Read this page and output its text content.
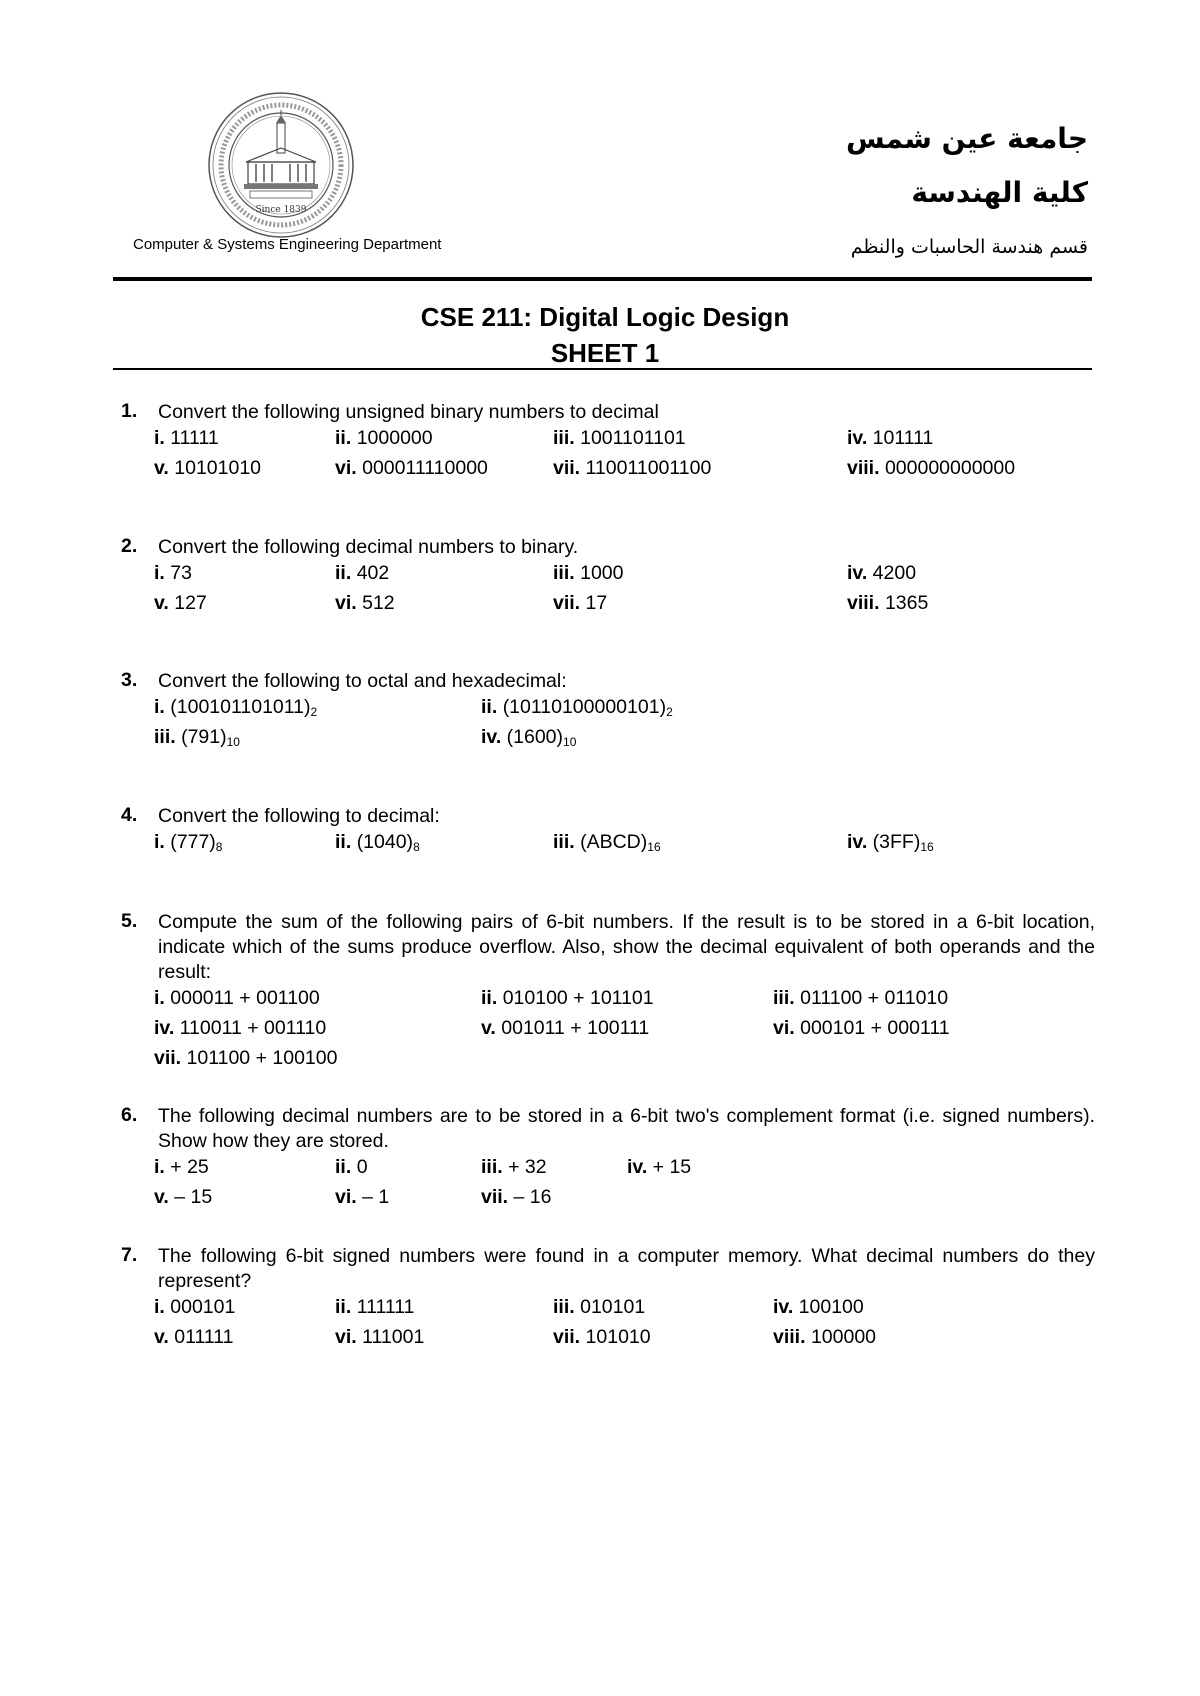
Since 1839
Computer & Systems Engineering Department
جامعة عين شمس
كلية الهندسة
قسم هندسة الحاسبات والنظم
CSE 211: Digital Logic Design
SHEET 1
1. Convert the following unsigned binary numbers to decimal
i. 11111	ii. 1000000	iii. 1001101101	iv. 101111
v. 10101010	vi. 000011110000	vii. 110011001100	viii. 000000000000
2. Convert the following decimal numbers to binary.
i. 73	ii. 402	iii. 1000	iv. 4200
v. 127	vi. 512	vii. 17	viii. 1365
3. Convert the following to octal and hexadecimal:
i. $(100101101011)_2$	ii. $(10110100000101)_2$
iii. $(791)_{10}$	iv. $(1600)_{10}$
4. Convert the following to decimal:
i. $(777)_8$	ii. $(1040)_8$	iii. $(ABCD)_{16}$	iv. $(3FF)_{16}$
5. Compute the sum of the following pairs of 6-bit numbers. If the result is to be stored in a 6-bit location, indicate which of the sums produce overflow. Also, show the decimal equivalent of both operands and the result:
i. 000011 + 001100	ii. 010100 + 101101	iii. 011100 + 011010
iv. 110011 + 001110	v. 001011 + 100111	vi. 000101 + 000111
vii. 101100 + 100100
6. The following decimal numbers are to be stored in a 6-bit two's complement format (i.e. signed numbers). Show how they are stored.
i. + 25	ii. 0	iii. + 32	iv. + 15
v. – 15	vi. – 1	vii. – 16
7. The following 6-bit signed numbers were found in a computer memory. What decimal numbers do they represent?
i. 000101	ii. 111111	iii. 010101	iv. 100100
v. 011111	vi. 111001	vii. 101010	viii. 100000
